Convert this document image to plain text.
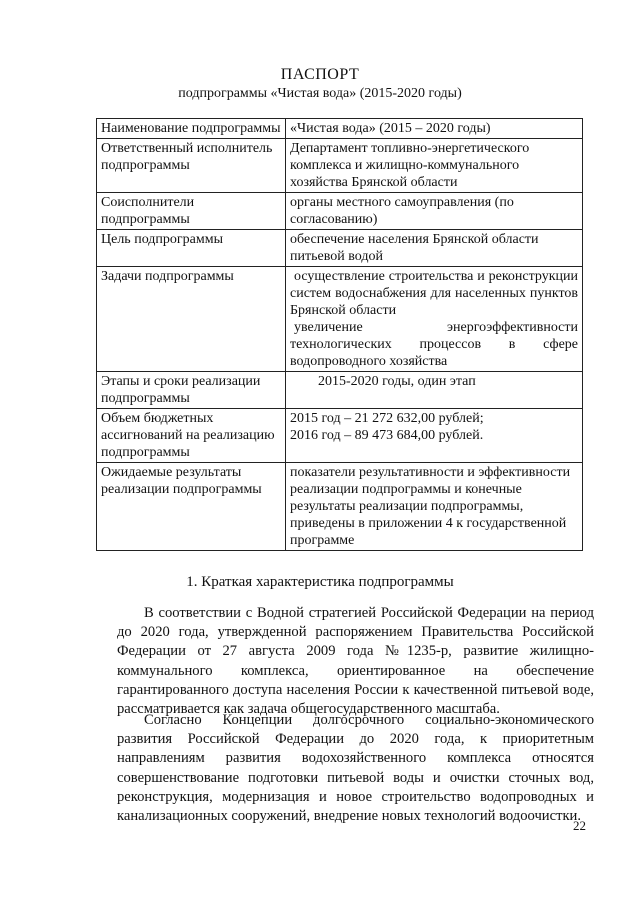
ПАСПОРТ
подпрограммы «Чистая вода» (2015-2020 годы)
Наименование подпрограммы	«Чистая вода» (2015 – 2020 годы)

Ответственный исполнитель подпрограммы	Департамент топливно-энергетического комплекса и жилищно-коммунального хозяйства Брянской области

Соисполнители подпрограммы	органы местного самоуправления (по согласованию)

Цель подпрограммы	обеспечение населения Брянской области питьевой водой

Задачи подпрограммы	осуществление строительства и реконструкции систем водоснабжения для населенных пунктов Брянской области
увеличение энергоэффективности технологических процессов в сфере водопроводного хозяйства

Этапы и сроки реализации подпрограммы	2015-2020 годы, один этап

Объем бюджетных ассигнований на реализацию подпрограммы	2015 год – 21 272 632,00 рублей;
2016 год – 89 473 684,00 рублей.

Ожидаемые результаты реализации подпрограммы	показатели результативности и эффективности реализации подпрограммы и конечные результаты реализации подпрограммы, приведены в приложении 4 к государственной программе
1. Краткая характеристика подпрограммы

В соответствии с Водной стратегией Российской Федерации на период до 2020 года, утвержденной распоряжением Правительства Российской Федерации от 27 августа 2009 года №1235-р, развитие жилищно-коммунального комплекса, ориентированное на обеспечение гарантированного доступа населения России к качественной питьевой воде, рассматривается как задача общегосударственного масштаба.

Согласно Концепции долгосрочного социально-экономического развития Российской Федерации до 2020 года, к приоритетным направлениям развития водохозяйственного комплекса относятся совершенствование подготовки питьевой воды и очистки сточных вод, реконструкция, модернизация и новое строительство водопроводных и канализационных сооружений, внедрение новых технологий водоочистки.

22
